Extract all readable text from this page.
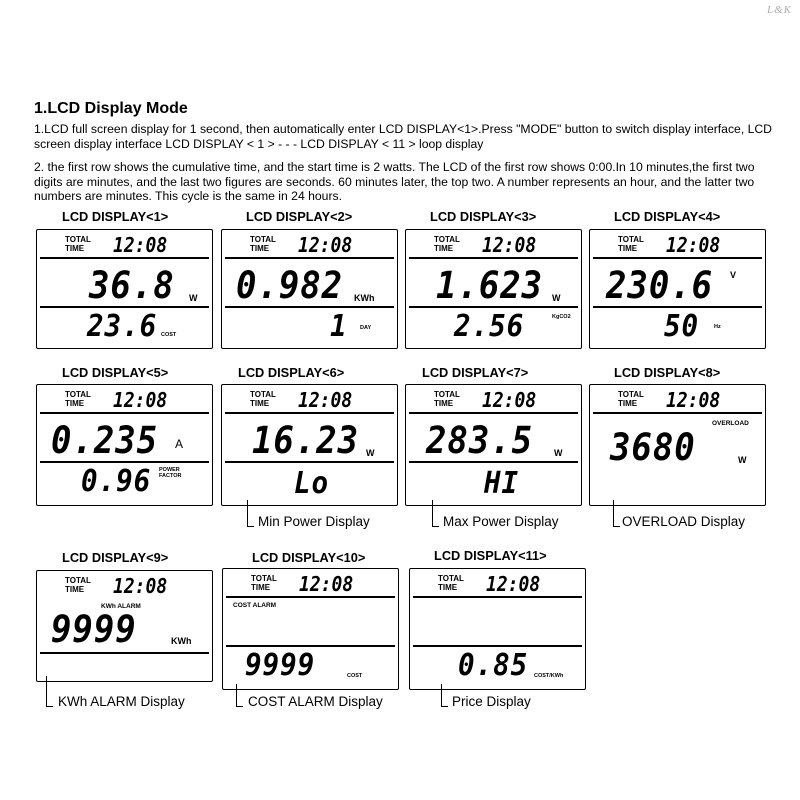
L&K
1.LCD Display Mode
1.LCD full screen display for 1 second, then automatically enter LCD DISPLAY<1>.Press "MODE" button to switch display interface, LCD screen display interface LCD DISPLAY < 1 > - - - LCD DISPLAY < 11 > loop display
2. the first row shows the cumulative time, and the start time is 2 watts. The LCD of the first row shows 0:00.In 10 minutes,the first two digits are minutes, and the last two figures are seconds. 60 minutes later, the top two. A number represents an hour, and the latter two numbers are minutes. This cycle is the same in 24 hours.
LCD DISPLAY<1>
TOTAL
TIME	12:08
36.8 W
23.6 COST
LCD DISPLAY<2>
TOTAL
TIME	12:08
0.982 KWh
1 DAY
LCD DISPLAY<3>
TOTAL
TIME	12:08
1.623 W
2.56	KgCO2
LCD DISPLAY<4>
TOTAL
TIME	12:08
230.6 V
50	Hz
LCD DISPLAY<5>
TOTAL
TIME	12:08
0.235 A
0.96 POWER
FACTOR
LCD DISPLAY<6>
TOTAL
TIME	12:08
16.23 W
Lo
Min Power Display
LCD DISPLAY<7>
TOTAL
TIME	12:08
283.5 W
HI
Max Power Display
LCD DISPLAY<8>
TOTAL
TIME	12:08
OVERLOAD
3680	W
OVERLOAD Display
LCD DISPLAY<9>
TOTAL
TIME	12:08
KWh ALARM
9999	KWh
KWh ALARM Display
LCD DISPLAY<10>
TOTAL
TIME	12:08
COST ALARM
9999	COST
COST ALARM Display
LCD DISPLAY<11>
TOTAL
TIME	12:08
0.85 COST/KWh
Price Display
